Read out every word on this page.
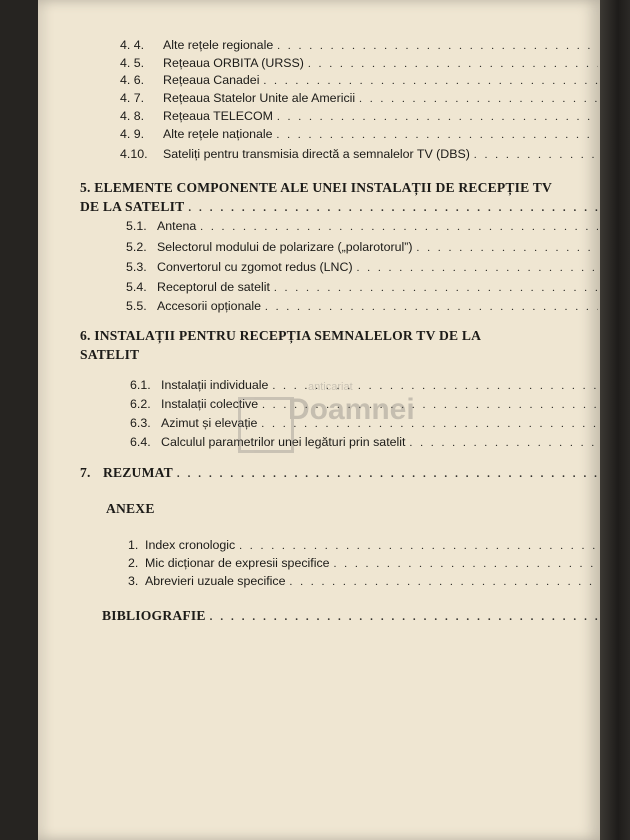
4. 4.	Alte rețele regionale
. . .
4. 5.	Rețeaua ORBITA (URSS)
. . .
4. 6.	Rețeaua Canadei
. . .
4. 7.	Rețeaua Statelor Unite ale Americii
. . .
4. 8.	Rețeaua TELECOM
. . .
4. 9.	Alte rețele naționale
. . .
4.10.	Sateliți pentru transmisia directă a semnalelor TV (DBS)
. . .
5. ELEMENTE COMPONENTE ALE UNEI INSTALAȚII DE RECEPȚIE TV
DE LA SATELIT
. . .
5.1. Antena
. . .
5.2. Selectorul modului de polarizare („polarotorul”)
. . .
5.3. Convertorul cu zgomot redus (LNC)
. . .
5.4. Receptorul de satelit
. . .
5.5. Accesorii opționale
. . .
6. INSTALAȚII PENTRU RECEPȚIA SEMNALELOR TV DE LA
SATELIT
6.1. Instalații individuale
. . .
6.2. Instalații colective
. . .
6.3. Azimut și elevație
. . .
6.4. Calculul parametrilor unei legături prin satelit
. . .
7. REZUMAT
. . .
ANEXE
1. Index cronologic
. . .
2. Mic dicționar de expresii specifice
. . .
3. Abrevieri uzuale specifice
. . .
BIBLIOGRAFIE
. . .
anticariat
Doamnei
